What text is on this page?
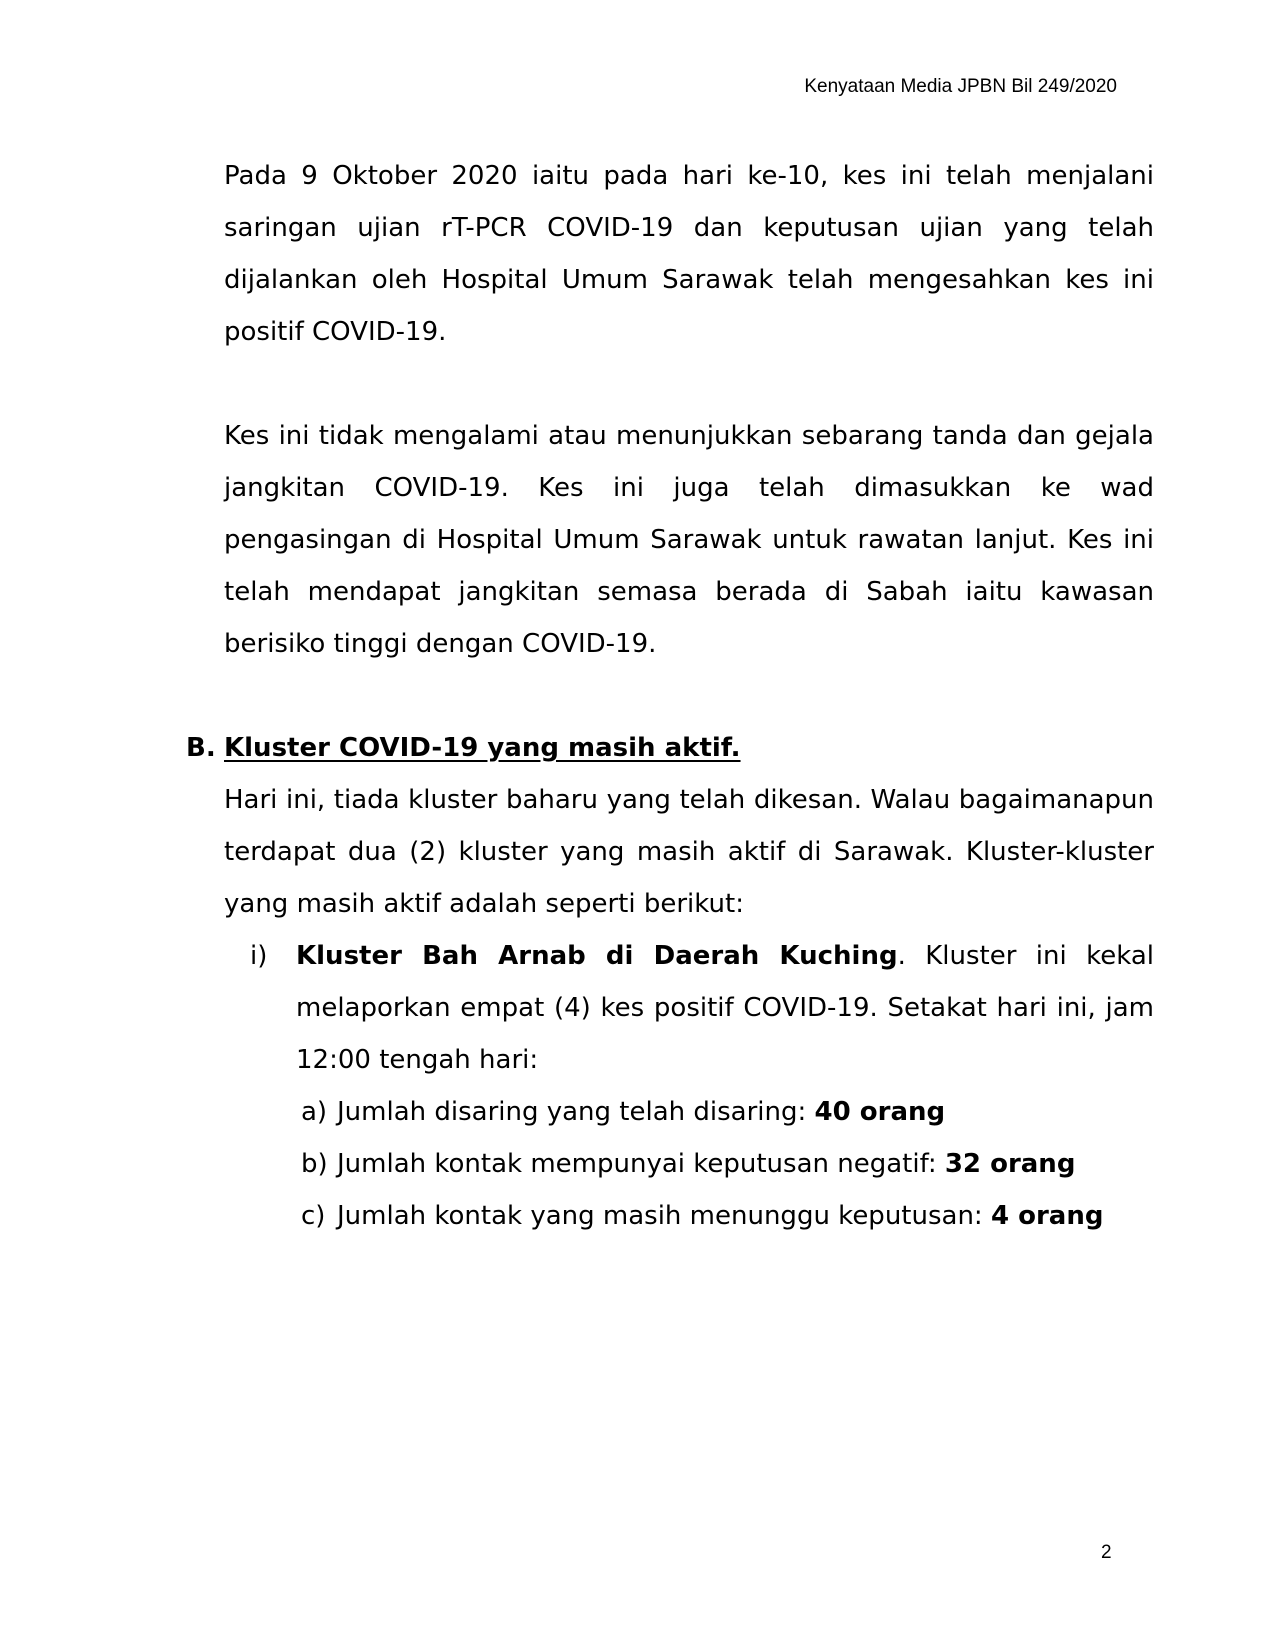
Kenyataan Media JPBN Bil 249/2020

Pada 9 Oktober 2020 iaitu pada hari ke-10, kes ini telah menjalani saringan ujian rT-PCR COVID-19 dan keputusan ujian yang telah dijalankan oleh Hospital Umum Sarawak telah mengesahkan kes ini positif COVID-19.

Kes ini tidak mengalami atau menunjukkan sebarang tanda dan gejala jangkitan COVID-19. Kes ini juga telah dimasukkan ke wad pengasingan di Hospital Umum Sarawak untuk rawatan lanjut. Kes ini telah mendapat jangkitan semasa berada di Sabah iaitu kawasan berisiko tinggi dengan COVID-19.

B. Kluster COVID-19 yang masih aktif.

Hari ini, tiada kluster baharu yang telah dikesan. Walau bagaimanapun terdapat dua (2) kluster yang masih aktif di Sarawak. Kluster-kluster yang masih aktif adalah seperti berikut:

i) Kluster Bah Arnab di Daerah Kuching. Kluster ini kekal melaporkan empat (4) kes positif COVID-19. Setakat hari ini, jam 12:00 tengah hari:
a) Jumlah disaring yang telah disaring: 40 orang
b) Jumlah kontak mempunyai keputusan negatif: 32 orang
c) Jumlah kontak yang masih menunggu keputusan: 4 orang
2
